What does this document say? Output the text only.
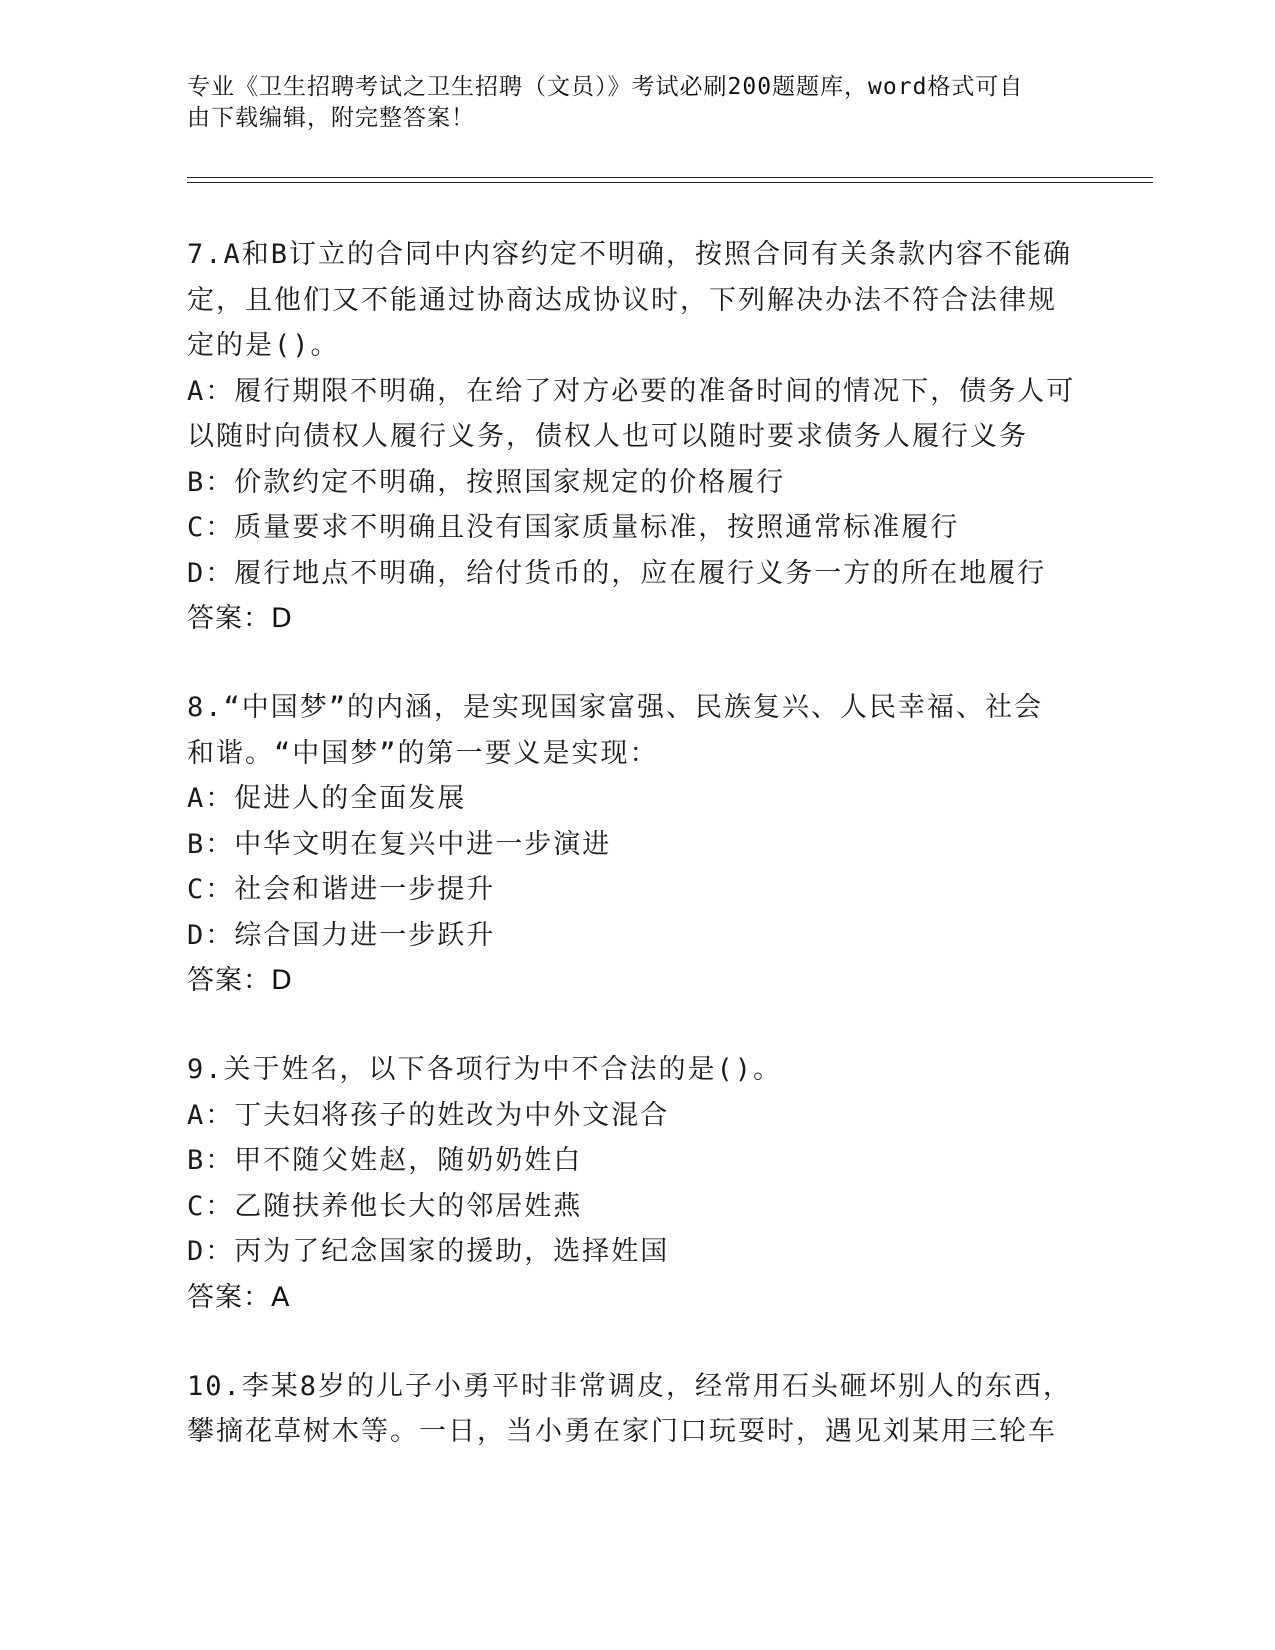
专业《卫生招聘考试之卫生招聘（文员）》考试必刷200题题库，word格式可自
由下载编辑，附完整答案！
7.A和B订立的合同中内容约定不明确，按照合同有关条款内容不能确
定，且他们又不能通过协商达成协议时，下列解决办法不符合法律规
定的是()。
A：履行期限不明确，在给了对方必要的准备时间的情况下，债务人可
以随时向债权人履行义务，债权人也可以随时要求债务人履行义务
B：价款约定不明确，按照国家规定的价格履行
C：质量要求不明确且没有国家质量标准，按照通常标准履行
D：履行地点不明确，给付货币的，应在履行义务一方的所在地履行
答案：D
8.“中国梦”的内涵，是实现国家富强、民族复兴、人民幸福、社会
和谐。“中国梦”的第一要义是实现：
A：促进人的全面发展
B：中华文明在复兴中进一步演进
C：社会和谐进一步提升
D：综合国力进一步跃升
答案：D
9.关于姓名，以下各项行为中不合法的是()。
A：丁夫妇将孩子的姓改为中外文混合
B：甲不随父姓赵，随奶奶姓白
C：乙随扶养他长大的邻居姓燕
D：丙为了纪念国家的援助，选择姓国
答案：A
10.李某8岁的儿子小勇平时非常调皮，经常用石头砸坏别人的东西，
攀摘花草树木等。一日，当小勇在家门口玩耍时，遇见刘某用三轮车
